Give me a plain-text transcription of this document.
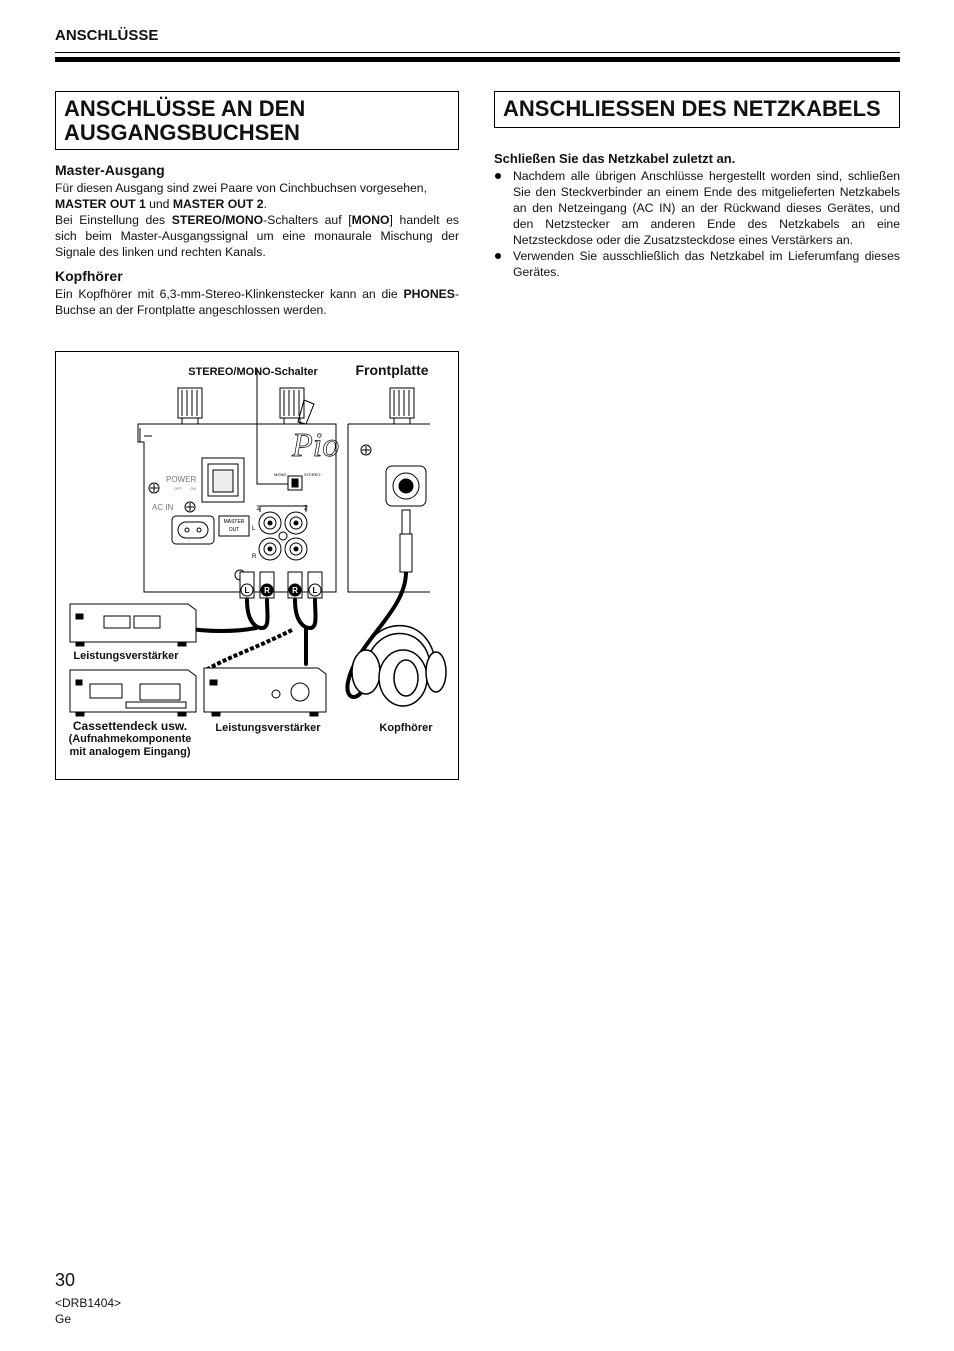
ANSCHLÜSSE
ANSCHLÜSSE AN DEN
AUSGANGSBUCHSEN
Master-Ausgang
Für diesen Ausgang sind zwei Paare von Cinchbuchsen vorgesehen,
MASTER OUT 1 und MASTER OUT 2.
Bei Einstellung des STEREO/MONO-Schalters auf [MONO] handelt es sich beim Master-Ausgangssignal um eine monaurale Mischung der Signale des linken und rechten Kanals.
Kopfhörer
Ein Kopfhörer mit 6,3-mm-Stereo-Klinkenstecker kann an die PHONES-Buchse an der Frontplatte angeschlossen werden.
ANSCHLIESSEN DES NETZKABELS
Schließen Sie das Netzkabel zuletzt an.
Nachdem alle übrigen Anschlüsse hergestellt worden sind, schließen Sie den Steckverbinder an einem Ende des mitgelieferten Netzkabels an den Netzeingang (AC IN) an der Rückwand dieses Gerätes, und den Netzstecker am anderen Ende des Netzkabels an eine Netzsteckdose oder die Zusatzsteckdose eines Verstärkers an.
Verwenden Sie ausschließlich das Netzkabel im Lieferumfang dieses Gerätes.
Pio
POWER
OFF ON
AC IN
MASTER
OUT
MONO	STEREO
1	2
L
R
L R	R L
STEREO/MONO-Schalter	Frontplatte
Leistungsverstärker
Cassettendeck usw.
(Aufnahmekomponente
mit analogem Eingang)
Leistungsverstärker	Kopfhörer
30
<DRB1404>
Ge
